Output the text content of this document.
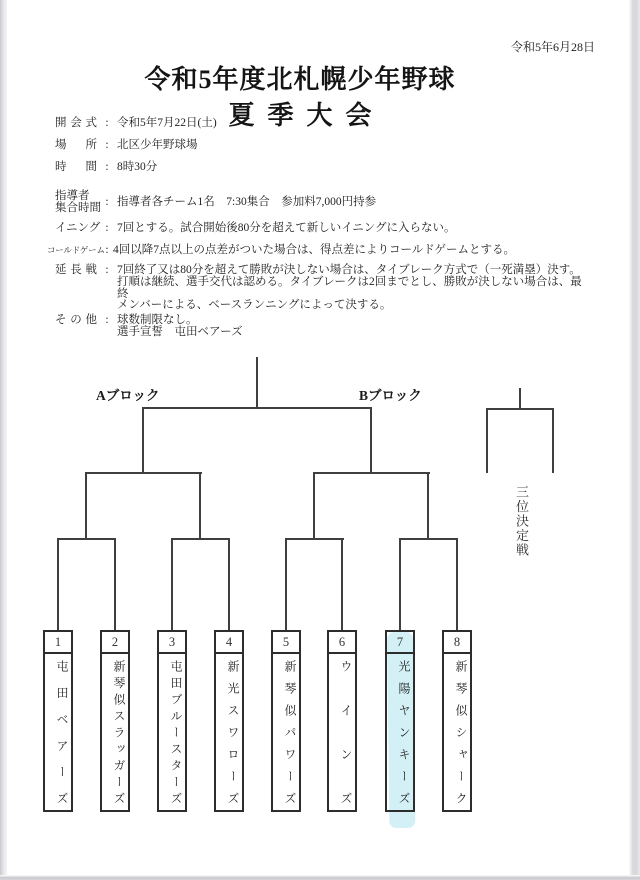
令和5年6月28日
令和5年度北札幌少年野球
夏季大会
開会式 : 令和5年7月22日(土)
場所 : 北区少年野球場
時間 : 8時30分
指導者
集合時間 : 指導者各チーム1名　7:30集合　参加料7,000円持参
イニング : 7回とする。試合開始後80分を超えて新しいイニングに入らない。
コールドゲーム: 4回以降7点以上の点差がついた場合は、得点差によりコールドゲームとする。
延長戦 : 7回終了又は80分を超えて勝敗が決しない場合は、タイブレーク方式で（一死満塁）決す。
打順は継続、選手交代は認める。タイブレークは2回までとし、勝敗が決しない場合は、最終
メンバーによる、ベースランニングによって決する。
その他 : 球数制限なし。
選手宣誓　屯田ベアーズ
Aブロック	Bブロック
三位決定戦
1
屯田ベアーズ
2
新琴似スラッガーズ
3
屯田ブルースターズ
4
新光スワローズ
5
新琴似パワーズ
6
ウインズ
7
光陽ヤンキーズ
8
新琴似シャーク
